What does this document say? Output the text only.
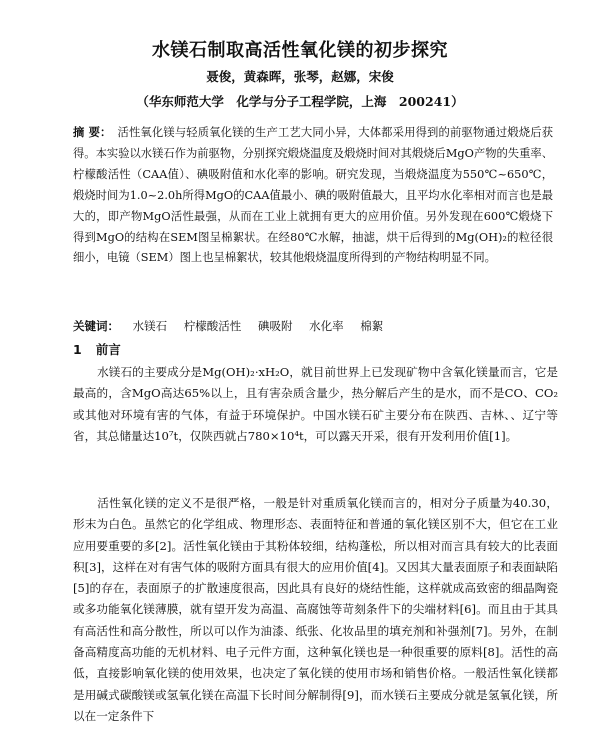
水镁石制取高活性氧化镁的初步探究
聂俊，黄森晖，张琴，赵娜，宋俊
（华东师范大学　化学与分子工程学院，上海　200241）
摘 要： 活性氧化镁与轻质氧化镁的生产工艺大同小异，大体都采用得到的前驱物通过煅烧后获得。本实验以水镁石作为前驱物，分别探究煅烧温度及煅烧时间对其煅烧后MgO产物的失重率、柠檬酸活性（CAA值）、碘吸附值和水化率的影响。研究发现，当煅烧温度为550℃~650℃，煅烧时间为1.0~2.0h所得MgO的CAA值最小、碘的吸附值最大，且平均水化率相对而言也是最大的，即产物MgO活性最强，从而在工业上就拥有更大的应用价值。另外发现在600℃煅烧下得到MgO的结构在SEM图呈棉絮状。在经80℃水解，抽滤，烘干后得到的Mg(OH)₂的粒径很细小，电镜（SEM）图上也呈棉絮状，较其他煅烧温度所得到的产物结构明显不同。
关键词： 水镁石 柠檬酸活性 碘吸附 水化率 棉絮
1 前言
水镁石的主要成分是Mg(OH)₂·xH₂O，就目前世界上已发现矿物中含氧化镁量而言，它是最高的，含MgO高达65%以上，且有害杂质含量少，热分解后产生的是水，而不是CO、CO₂或其他对环境有害的气体，有益于环境保护。中国水镁石矿主要分布在陕西、吉林、、辽宁等省，其总储量达10⁷t，仅陕西就占780×10⁴t，可以露天开采，很有开发利用价值[1]。
活性氧化镁的定义不是很严格，一般是针对重质氧化镁而言的，相对分子质量为40.30，形末为白色。虽然它的化学组成、物理形态、表面特征和普通的氧化镁区别不大，但它在工业应用要重要的多[2]。活性氧化镁由于其粉体较细，结构蓬松，所以相对而言具有较大的比表面积[3]，这样在对有害气体的吸附方面具有很大的应用价值[4]。又因其大量表面原子和表面缺陷[5]的存在，表面原子的扩散速度很高，因此具有良好的烧结性能，这样就成高致密的细晶陶瓷或多功能氧化镁薄膜，就有望开发为高温、高腐蚀等苛刻条件下的尖端材料[6]。而且由于其具有高活性和高分散性，所以可以作为油漆、纸张、化妆品里的填充剂和补强剂[7]。另外，在制备高精度高功能的无机材料、电子元件方面，这种氧化镁也是一种很重要的原料[8]。活性的高低，直接影响氧化镁的使用效果，也决定了氧化镁的使用市场和销售价格。一般活性氧化镁都是用碱式碳酸镁或氢氧化镁在高温下长时间分解制得[9]，而水镁石主要成分就是氢氧化镁，所以在一定条件下
